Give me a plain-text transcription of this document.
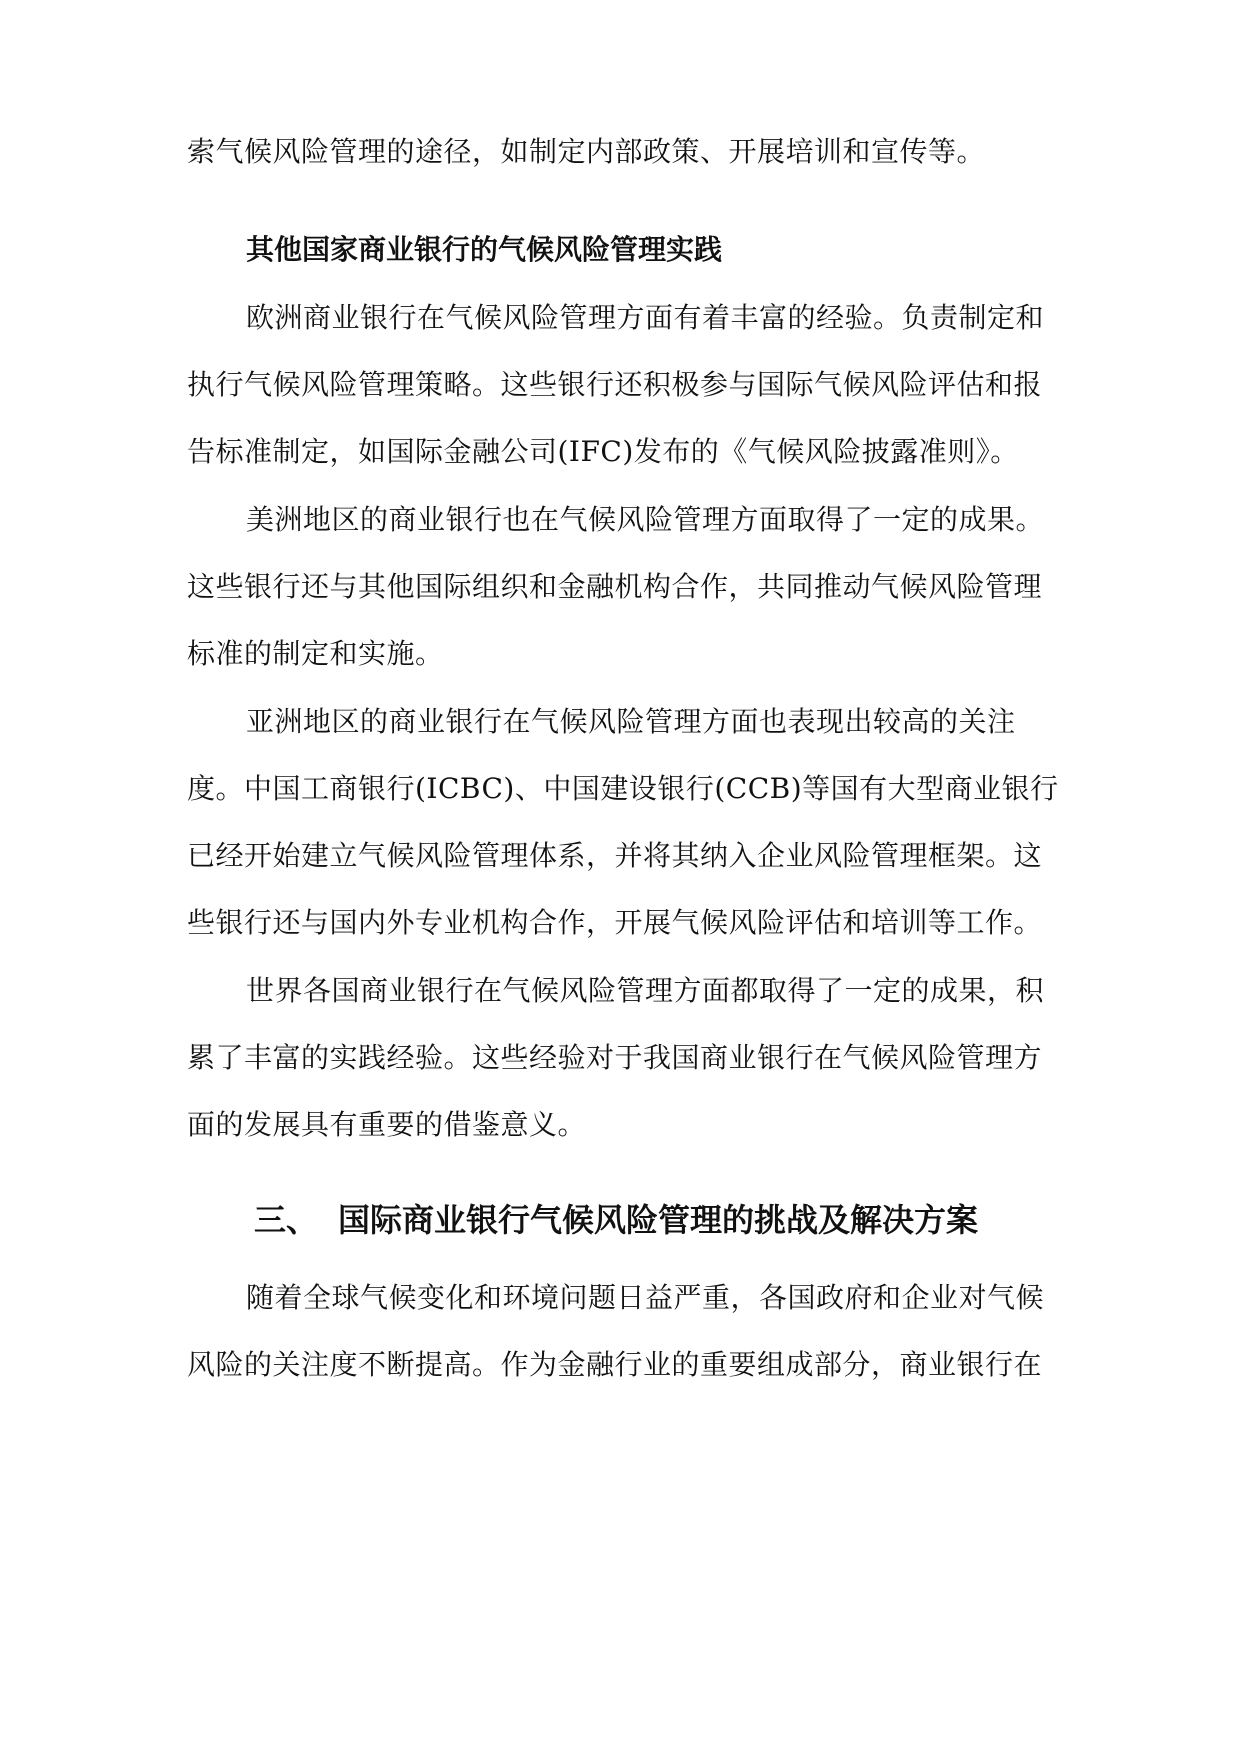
索气候风险管理的途径，如制定内部政策、开展培训和宣传等。
其他国家商业银行的气候风险管理实践
欧洲商业银行在气候风险管理方面有着丰富的经验。负责制定和
执行气候风险管理策略。这些银行还积极参与国际气候风险评估和报
告标准制定，如国际金融公司(IFC)发布的《气候风险披露准则》。
美洲地区的商业银行也在气候风险管理方面取得了一定的成果。
这些银行还与其他国际组织和金融机构合作，共同推动气候风险管理
标准的制定和实施。
亚洲地区的商业银行在气候风险管理方面也表现出较高的关注
度。中国工商银行(ICBC)、中国建设银行(CCB)等国有大型商业银行
已经开始建立气候风险管理体系，并将其纳入企业风险管理框架。这
些银行还与国内外专业机构合作，开展气候风险评估和培训等工作。
世界各国商业银行在气候风险管理方面都取得了一定的成果，积
累了丰富的实践经验。这些经验对于我国商业银行在气候风险管理方
面的发展具有重要的借鉴意义。
三、 国际商业银行气候风险管理的挑战及解决方案
随着全球气候变化和环境问题日益严重，各国政府和企业对气候
风险的关注度不断提高。作为金融行业的重要组成部分，商业银行在
